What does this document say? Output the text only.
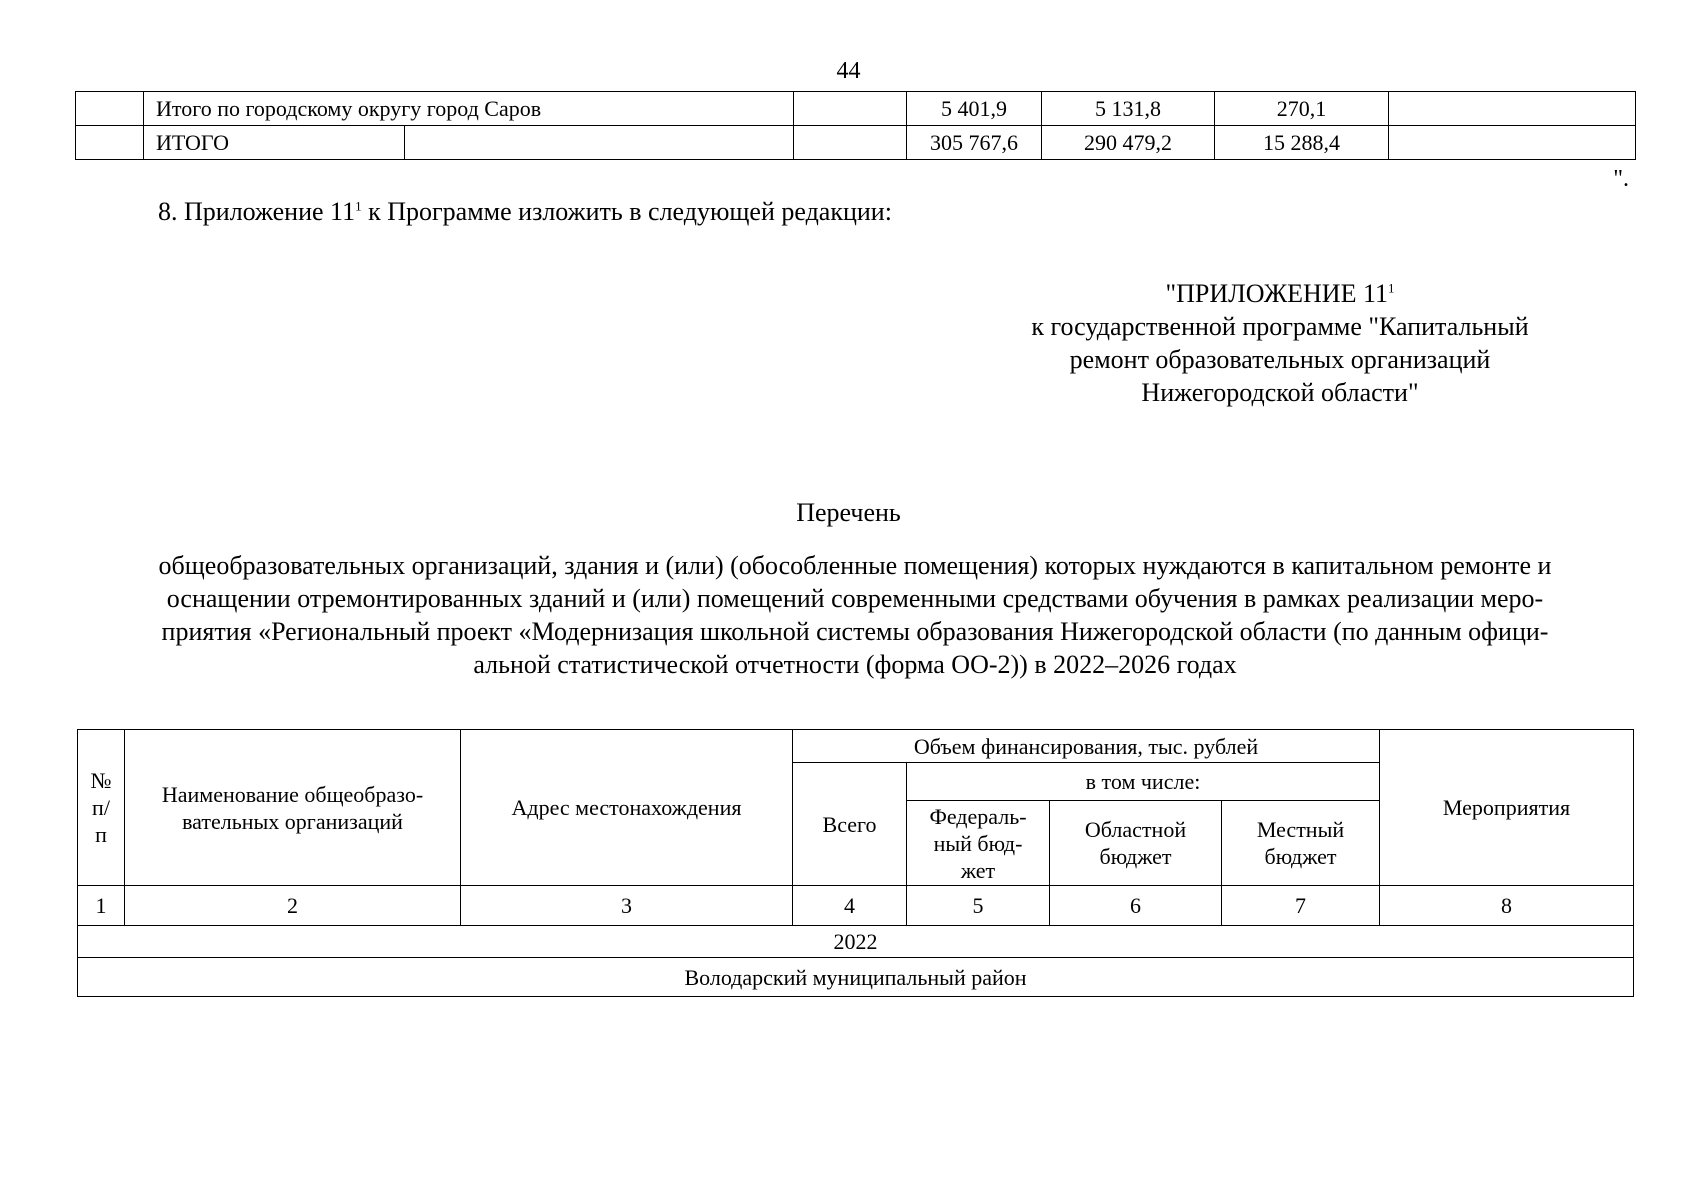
44
	Итого по городскому округу город Саров			5 401,9	5 131,8	270,1	
	ИТОГО			305 767,6	290 479,2	15 288,4	
".
8. Приложение $11^1$ к Программе изложить в следующей редакции:
"ПРИЛОЖЕНИЕ $11^1$
к государственной программе "Капитальный
ремонт образовательных организаций
Нижегородской области"
Перечень
общеобразовательных организаций, здания и (или) (обособленные помещения) которых нуждаются в капитальном ремонте и
оснащении отремонтированных зданий и (или) помещений современными средствами обучения в рамках реализации меро-
приятия «Региональный проект «Модернизация школьной системы образования Нижегородской области (по данным офици-
альной статистической отчетности (форма ОО-2)) в 2022–2026 годах
№ п/ п	Наименование общеобразо-вательных организаций	Адрес местонахождения	Объем финансирования, тыс. рублей				Мероприятия
			Всего	в том числе:			
				Федераль-ный бюд-жет	Областной бюджет	Местный бюджет	
1	2	3	4	5	6	7	8
2022							
Володарский муниципальный район							
